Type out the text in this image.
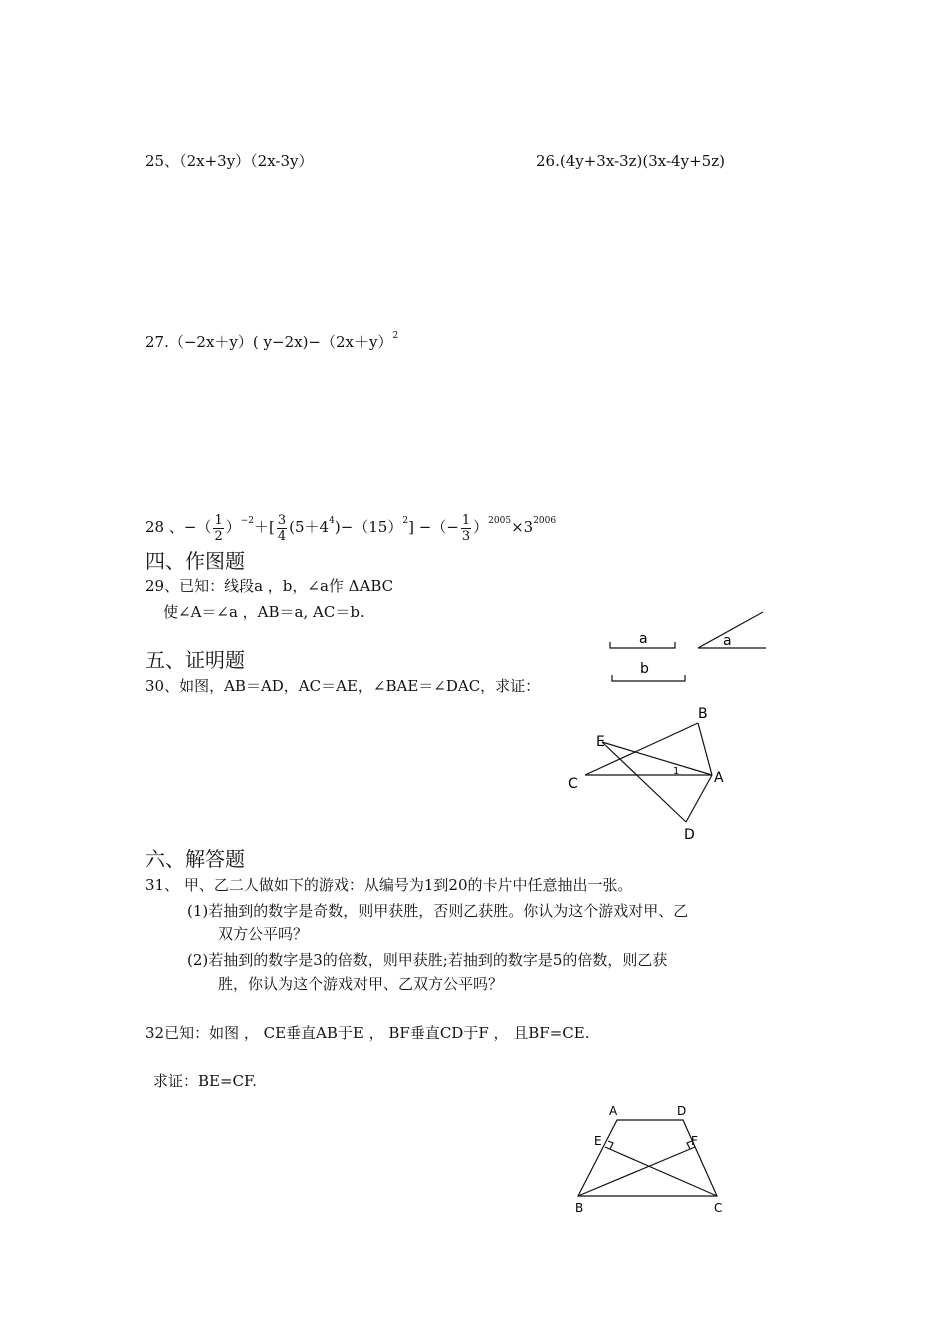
25、（2x+3y）（2x-3y）	26.(4y+3x-3z)(3x-4y+5z)
27.（−2x＋y）( $y-2x)-(2x+y)^2$
28 、−（ $\frac{1}{2} )^{-2}+[ \frac{3}{4} (5+4^4)-(15)^2]$ −（− $\frac{1}{3} )^{2005}\times 3^{2006}$
四、作图题
29、已知：线段a ，b，∠a作 ΔABC
使∠A＝∠a ，AB＝a, AC＝b.
a
b
a
五、证明题
30、如图，AB＝AD，AC＝AE，∠BAE＝∠DAC，求证：
B
E
C	A
D
1
六、解答题
31、 甲、乙二人做如下的游戏：从编号为1到20的卡片中任意抽出一张。
(1)若抽到的数字是奇数，则甲获胜，否则乙获胜。你认为这个游戏对甲、乙
双方公平吗？
(2)若抽到的数字是3的倍数，则甲获胜;若抽到的数字是5的倍数，则乙获
胜，你认为这个游戏对甲、乙双方公平吗？
32已知：如图 ， CE垂直AB于E ， BF垂直CD于F ， 且BF=CE.
求证：BE=CF.
A	D
E	F
B	C
